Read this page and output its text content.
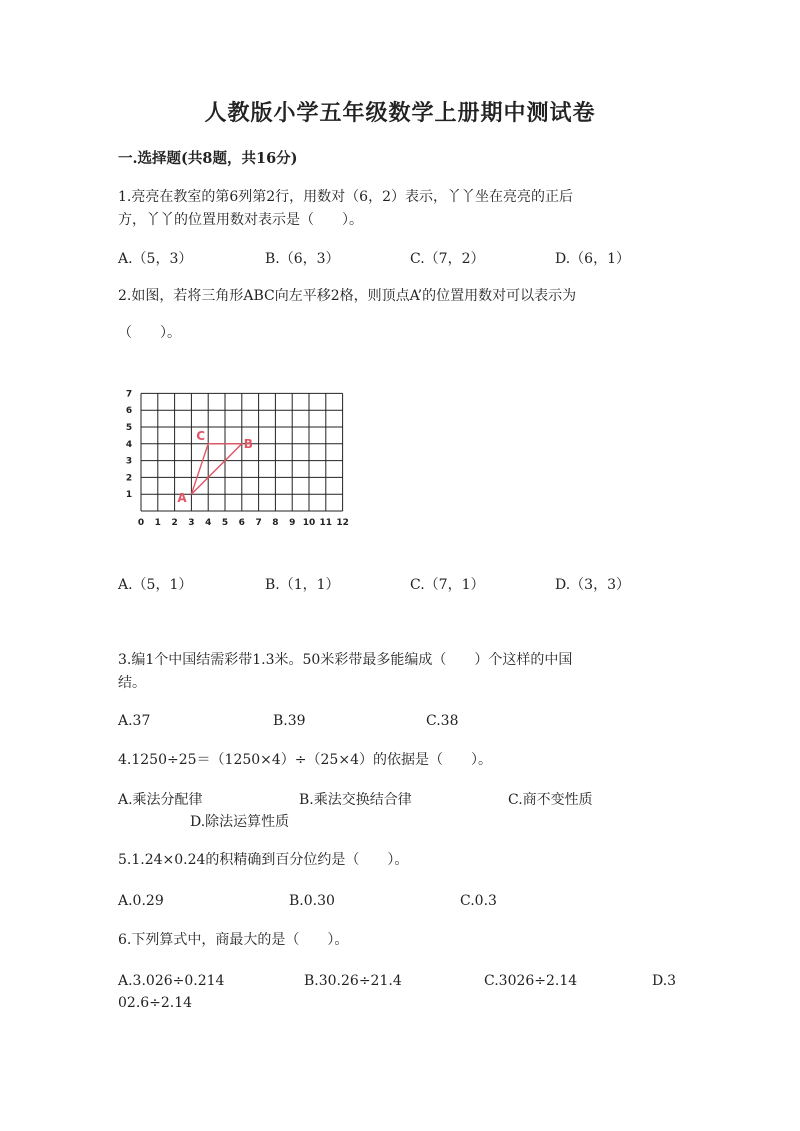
人教版小学五年级数学上册期中测试卷
一.选择题(共8题，共16分)
1.亮亮在教室的第6列第2行，用数对（6，2）表示，丫丫坐在亮亮的正后
方，丫丫的位置用数对表示是（　　）。
A.（5，3）	B.（6，3）	C.（7，2）	D.（6，1）
2.如图，若将三角形ABC向左平移2格，则顶点A’的位置用数对可以表示为
（　　）。
0 1 2 3 4 5 6 7 8 9 10 11 12
1
2
3
4
5
6
7
A
B
C
A.（5，1）	B.（1，1）	C.（7，1）	D.（3，3）
3.编1个中国结需彩带1.3米。50米彩带最多能编成（　　）个这样的中国
结。
A.37	B.39	C.38
4.1250÷25＝（1250×4）÷（25×4）的依据是（　　）。
A.乘法分配律	B.乘法交换结合律	C.商不变性质
D.除法运算性质
5.1.24×0.24的积精确到百分位约是（　　）。
A.0.29	B.0.30	C.0.3
6.下列算式中，商最大的是（　　）。
A.3.026÷0.214	B.30.26÷21.4	C.3026÷2.14	D.3
02.6÷2.14
